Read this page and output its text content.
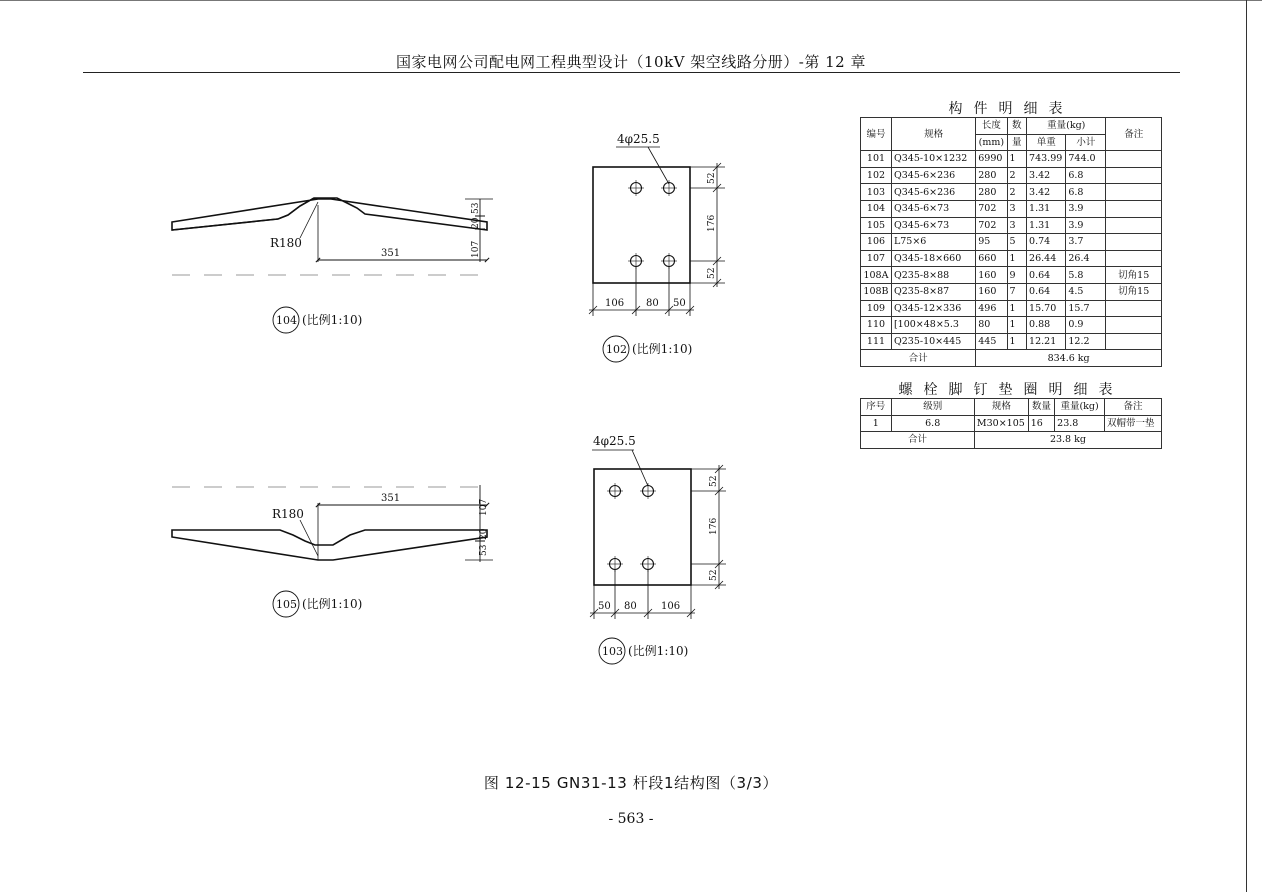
国家电网公司配电网工程典型设计（10kV 架空线路分册）-第 12 章
R180
351
53
20
107
104 (比例1:10)
R180
351
107
20
53
105 (比例1:10)
4φ25.5
52
176
52
106 80 50
102 (比例1:10)
4φ25.5
52
176
52
50 80 106
103 (比例1:10)
构件明细表
编号	规格	长度	数	重量(kg)		备注
		(mm)	量	单重	小计	
101	Q345-10×1232	6990	1	743.99	744.0	
102	Q345-6×236	280	2	3.42	6.8	
103	Q345-6×236	280	2	3.42	6.8	
104	Q345-6×73	702	3	1.31	3.9	
105	Q345-6×73	702	3	1.31	3.9	
106	L75×6	95	5	0.74	3.7	
107	Q345-18×660	660	1	26.44	26.4	
108A	Q235-8×88	160	9	0.64	5.8	切角15
108B	Q235-8×87	160	7	0.64	4.5	切角15
109	Q345-12×336	496	1	15.70	15.7	
110	[100×48×5.3	80	1	0.88	0.9	
111	Q235-10×445	445	1	12.21	12.2	
合计		834.6 kg				
螺栓脚钉垫圈明细表
序号	级别	规格	数量	重量(kg)	备注
1	6.8	M30×105	16	23.8	双帽带一垫
合计		23.8 kg			
图 12-15 GN31-13 杆段1结构图（3/3）
- 563 -
